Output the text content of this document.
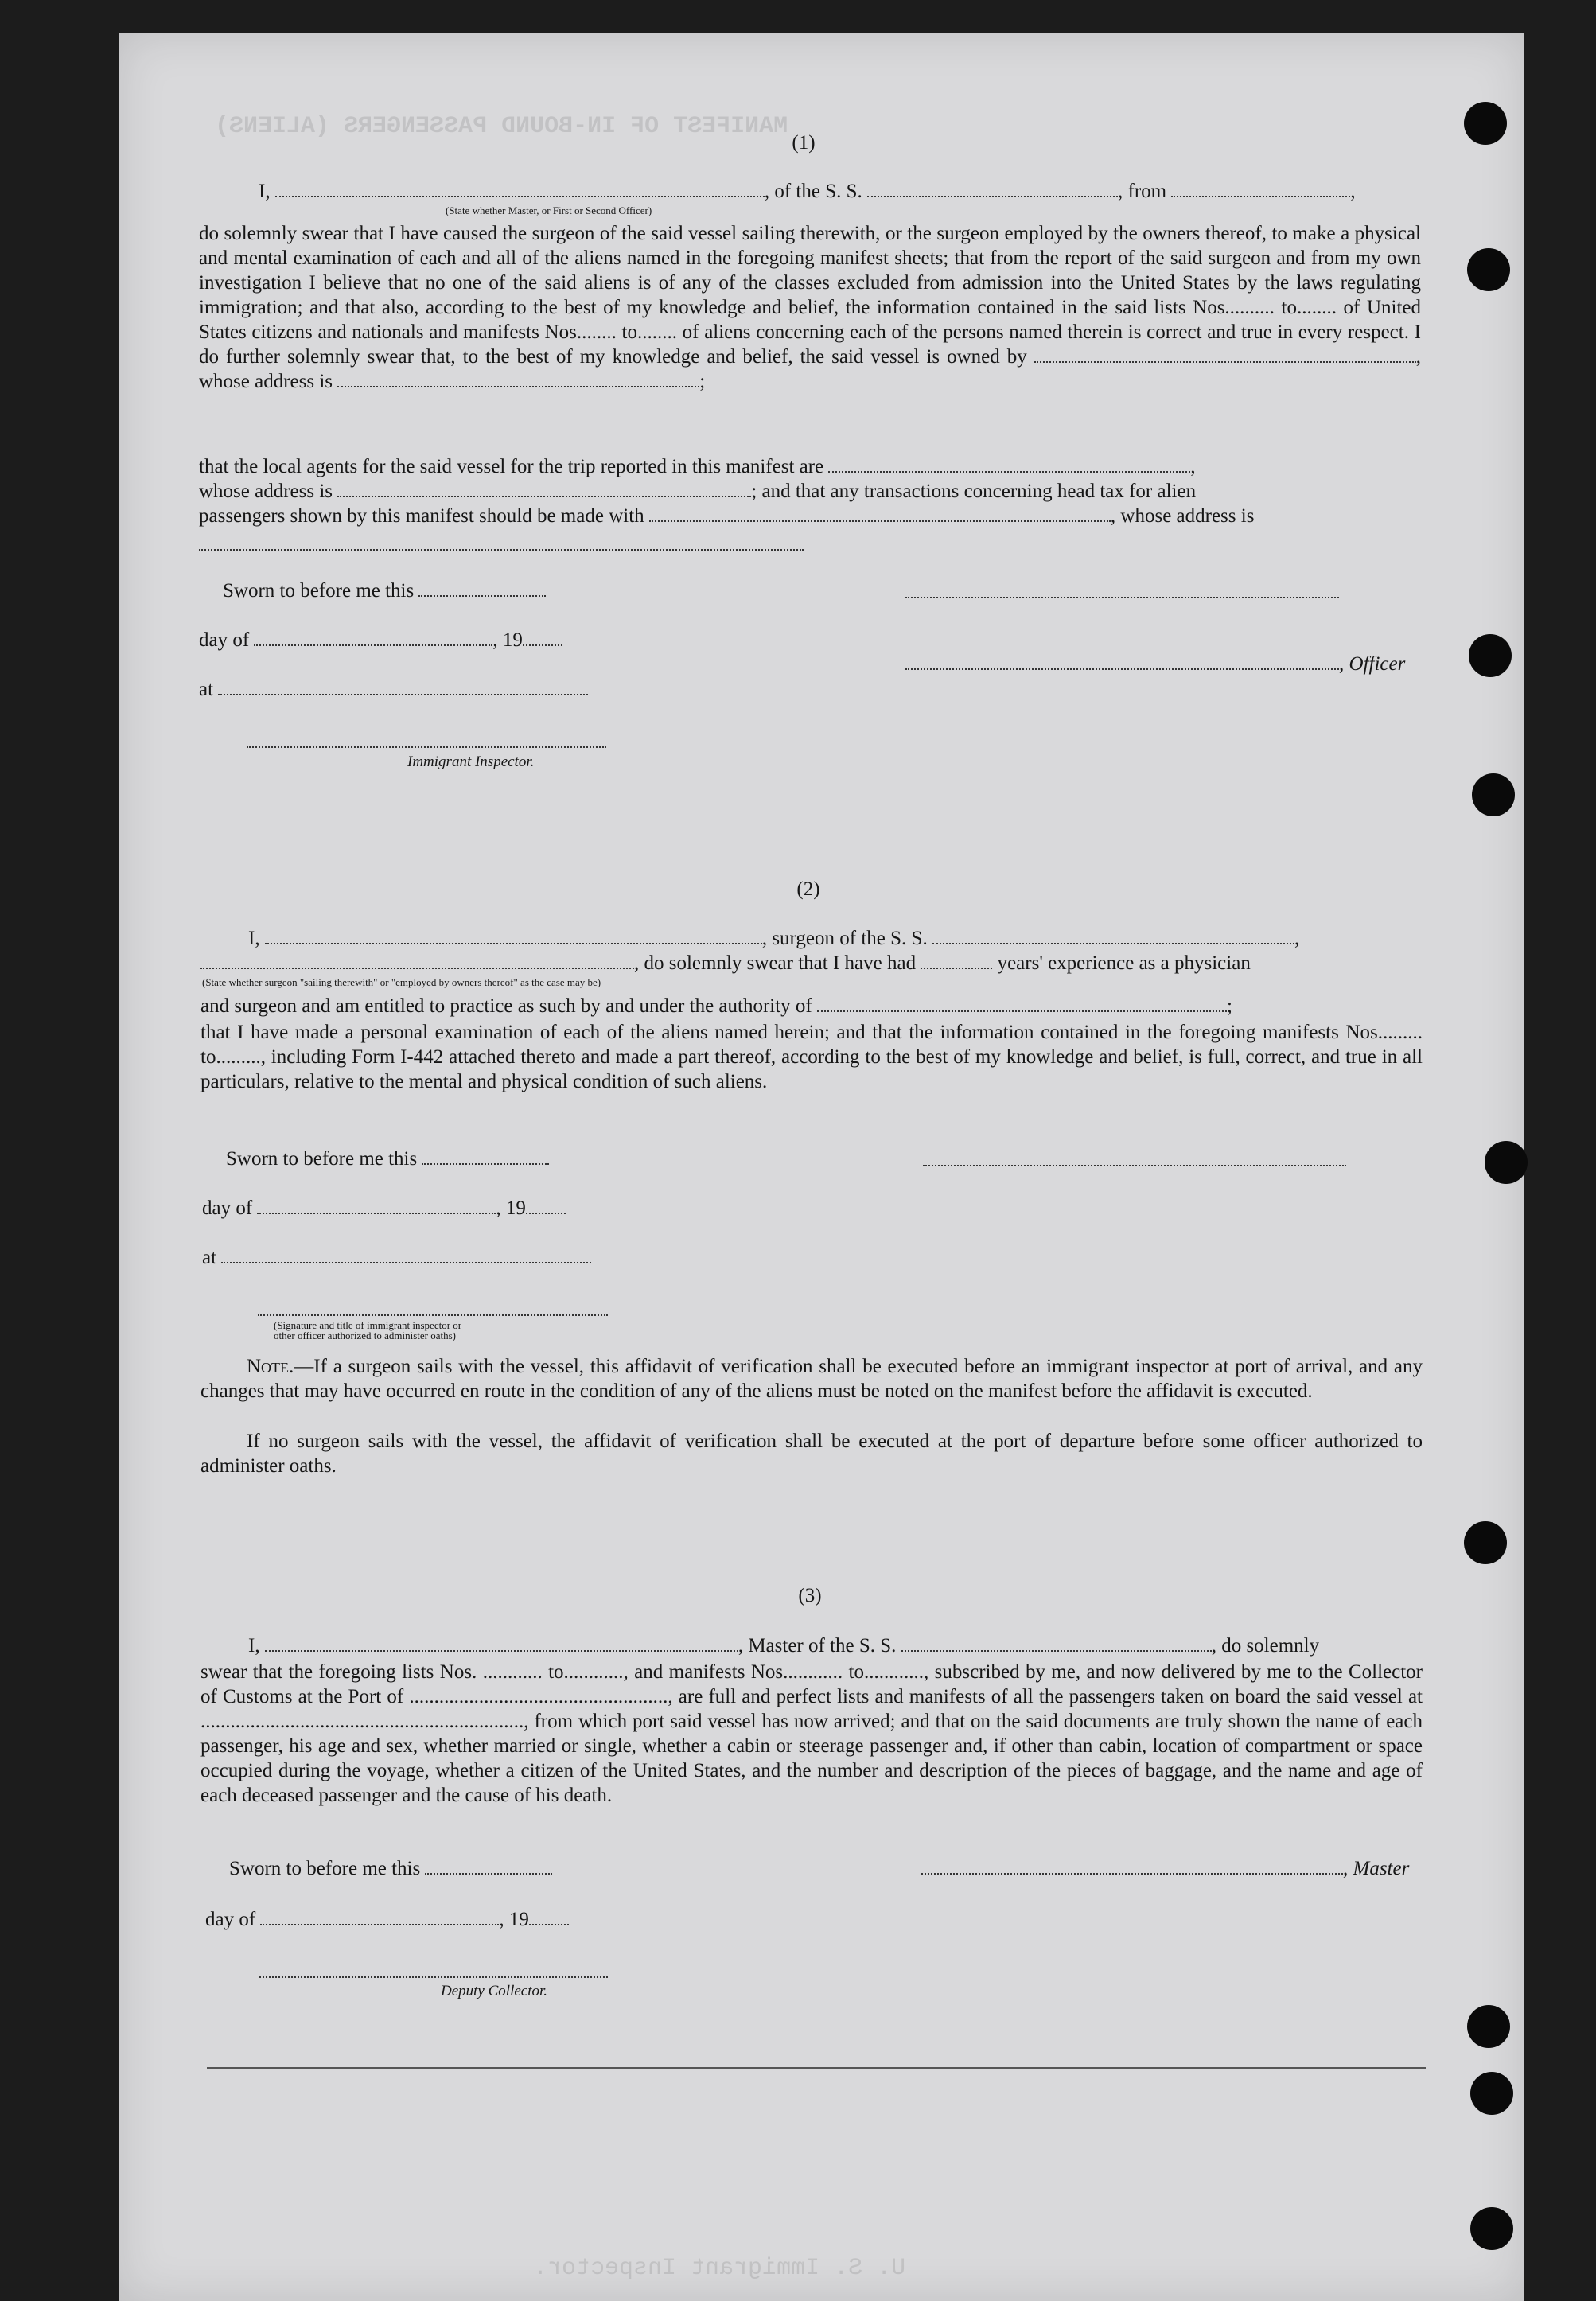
MANIFEST OF IN-BOUND PASSENGERS (ALIENS)
U. S. Immigrant Inspector.
(1)
I,	, of the S. S.	, from	,
(State whether Master, or First or Second Officer)
do solemnly swear that I have caused the surgeon of the said vessel sailing therewith, or the surgeon employed by the owners thereof, to make a physical and mental examination of each and all of the aliens named in the foregoing manifest sheets; that from the report of the said surgeon and from my own investigation I believe that no one of the said aliens is of any of the classes excluded from admission into the United States by the laws regulating immigration; and that also, according to the best of my knowledge and belief, the information contained in the said lists Nos.......... to........ of United States citizens and nationals and manifests Nos........ to........ of aliens concerning each of the persons named therein is correct and true in every respect. I do further solemnly swear that, to the best of my knowledge and belief, the said vessel is owned by	, whose address is	;
that the local agents for the said vessel for the trip reported in this manifest are	,
whose address is	; and that any transactions concerning head tax for alien
passengers shown by this manifest should be made with	, whose address is
Sworn to before me this
day of	, 19
, Officer
at
Immigrant Inspector.
(2)
I,	, surgeon of the S. S.	,
, do solemnly swear that I have had	years' experience as a physician
(State whether surgeon "sailing therewith" or "employed by owners thereof" as the case may be)
and surgeon and am entitled to practice as such by and under the authority of	;
that I have made a personal examination of each of the aliens named herein; and that the information contained in the foregoing manifests Nos......... to........., including Form I-442 attached thereto and made a part thereof, according to the best of my knowledge and belief, is full, correct, and true in all particulars, relative to the mental and physical condition of such aliens.
Sworn to before me this
day of	, 19
at
(Signature and title of immigrant inspector or
other officer authorized to administer oaths)
Note.—If a surgeon sails with the vessel, this affidavit of verification shall be executed before an immigrant inspector at port of arrival, and any changes that may have occurred en route in the condition of any of the aliens must be noted on the manifest before the affidavit is executed.
If no surgeon sails with the vessel, the affidavit of verification shall be executed at the port of departure before some officer authorized to administer oaths.
(3)
I,	, Master of the S. S.	, do solemnly
swear that the foregoing lists Nos. ............ to............, and manifests Nos............ to............, subscribed by me, and now delivered by me to the Collector of Customs at the Port of ...................................................., are full and perfect lists and manifests of all the passengers taken on board the said vessel at ................................................................., from which port said vessel has now arrived; and that on the said documents are truly shown the name of each passenger, his age and sex, whether married or single, whether a cabin or steerage passenger and, if other than cabin, location of compartment or space occupied during the voyage, whether a citizen of the United States, and the number and description of the pieces of baggage, and the name and age of each deceased passenger and the cause of his death.
Sworn to before me this	, Master
day of	, 19
Deputy Collector.
